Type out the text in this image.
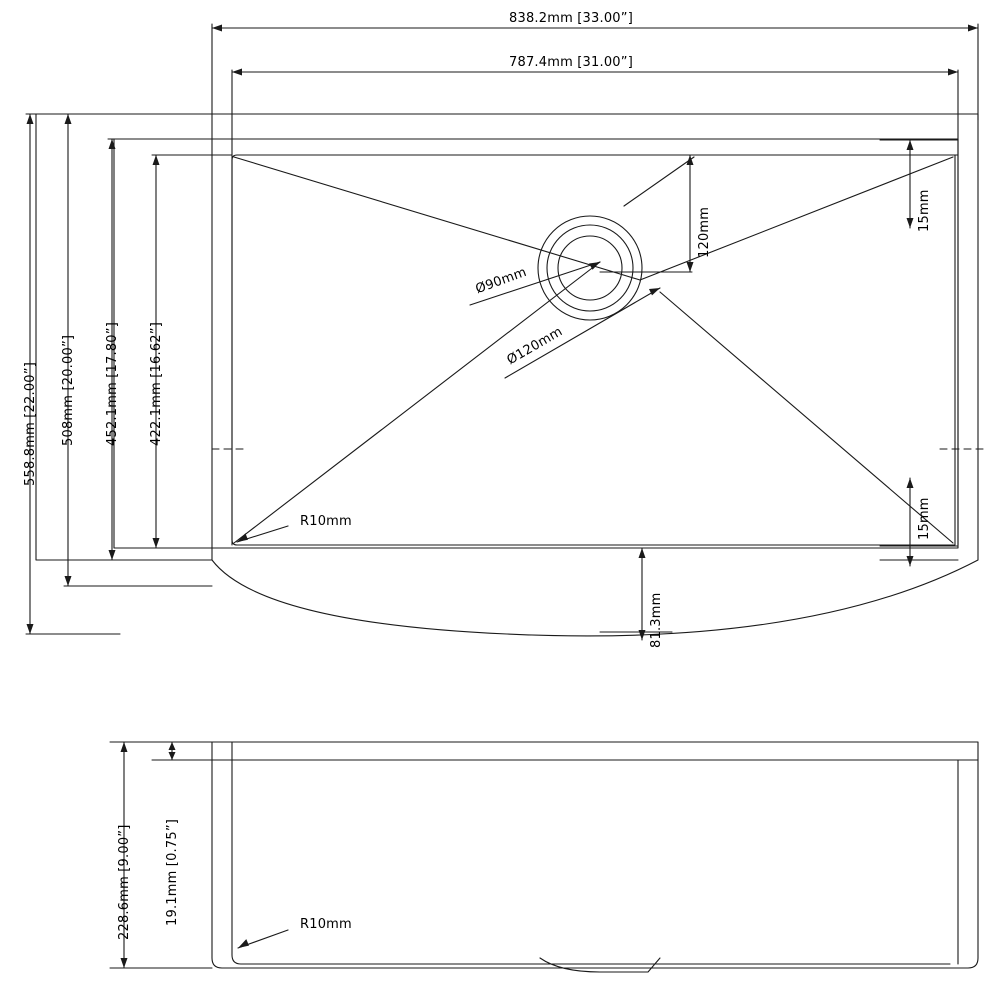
838.2mm [33.00”]
787.4mm [31.00”]
R10mm
R10mm
558.8mm [22.00”] 508mm [20.00”] 452.1mm [17.80”] 422.1mm [16.62”]
120mm	15mm
15mm
81.3mm
228.6mm [9.00”]	19.1mm [0.75”]
Ø90mm
Ø120mm
